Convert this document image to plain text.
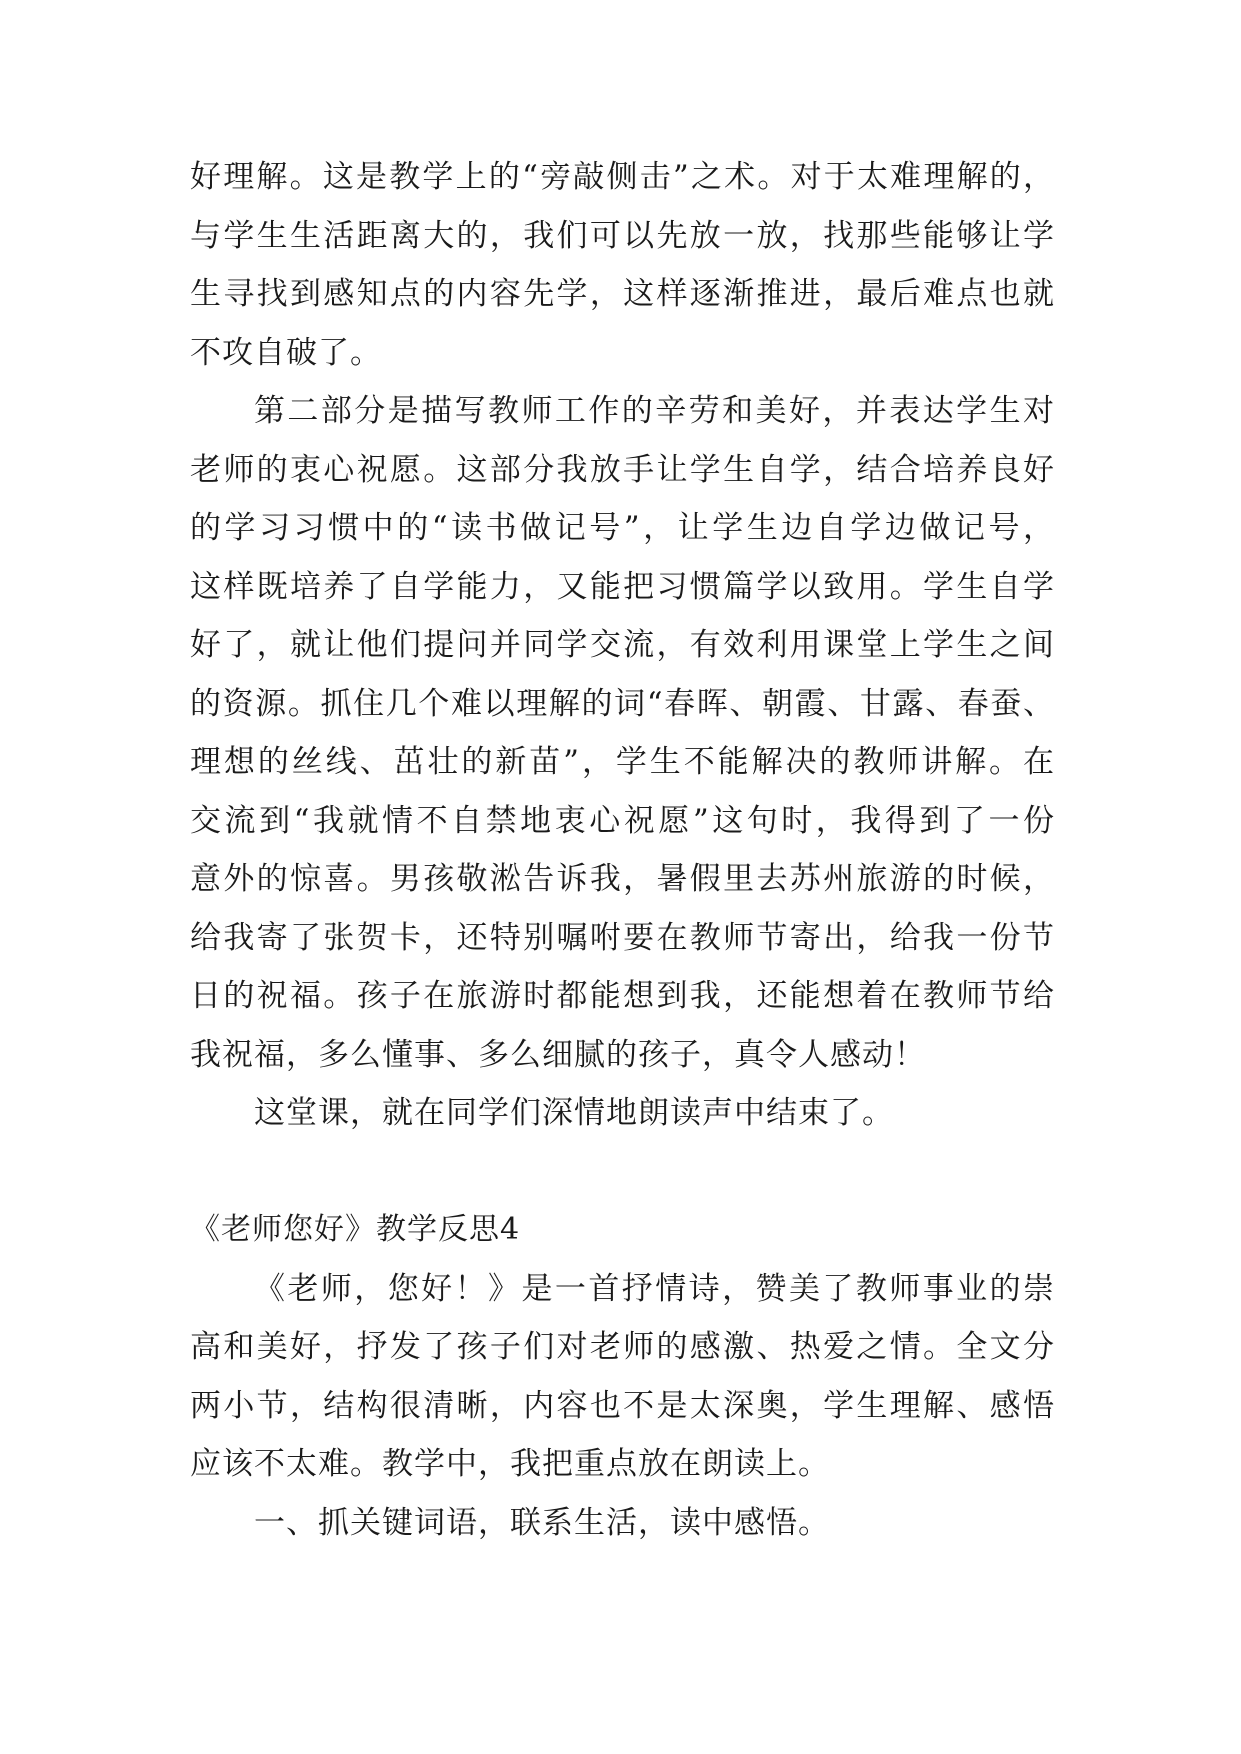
好理解。这是教学上的“旁敲侧击”之术。对于太难理解的，
与学生生活距离大的，我们可以先放一放，找那些能够让学
生寻找到感知点的内容先学，这样逐渐推进，最后难点也就
不攻自破了。
第二部分是描写教师工作的辛劳和美好，并表达学生对
老师的衷心祝愿。这部分我放手让学生自学，结合培养良好
的学习习惯中的“读书做记号”，让学生边自学边做记号，
这样既培养了自学能力，又能把习惯篇学以致用。学生自学
好了，就让他们提问并同学交流，有效利用课堂上学生之间
的资源。抓住几个难以理解的词“春晖、朝霞、甘露、春蚕、
理想的丝线、茁壮的新苗”，学生不能解决的教师讲解。在
交流到“我就情不自禁地衷心祝愿”这句时，我得到了一份
意外的惊喜。男孩敬淞告诉我，暑假里去苏州旅游的时候，
给我寄了张贺卡，还特别嘱咐要在教师节寄出，给我一份节
日的祝福。孩子在旅游时都能想到我，还能想着在教师节给
我祝福，多么懂事、多么细腻的孩子，真令人感动！
这堂课，就在同学们深情地朗读声中结束了。
《老师您好》教学反思4
《老师，您好！》是一首抒情诗，赞美了教师事业的崇
高和美好，抒发了孩子们对老师的感激、热爱之情。全文分
两小节，结构很清晰，内容也不是太深奥，学生理解、感悟
应该不太难。教学中，我把重点放在朗读上。
一、抓关键词语，联系生活，读中感悟。
